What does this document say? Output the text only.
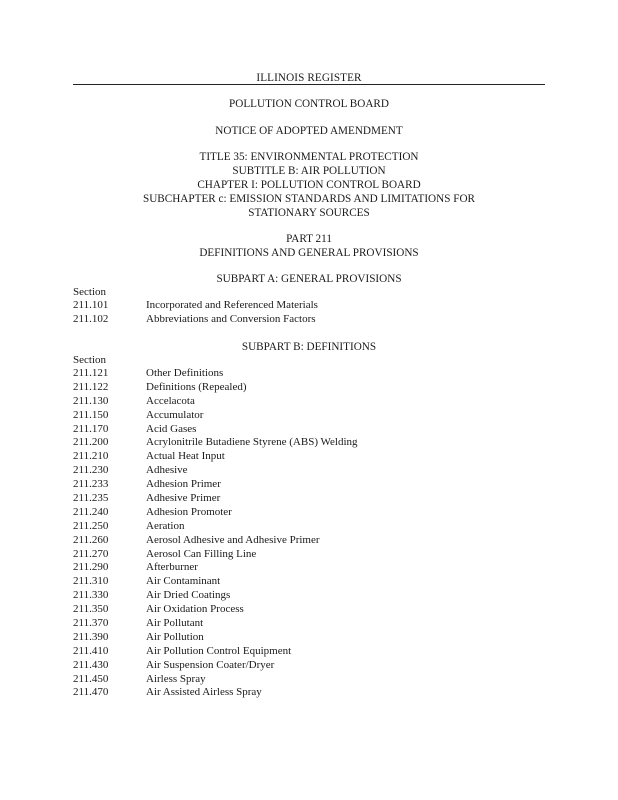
ILLINOIS REGISTER
POLLUTION CONTROL BOARD
NOTICE OF ADOPTED AMENDMENT
TITLE 35: ENVIRONMENTAL PROTECTION
SUBTITLE B: AIR POLLUTION
CHAPTER I: POLLUTION CONTROL BOARD
SUBCHAPTER c: EMISSION STANDARDS AND LIMITATIONS FOR
STATIONARY SOURCES
PART 211
DEFINITIONS AND GENERAL PROVISIONS
SUBPART A: GENERAL PROVISIONS
Section
211.101	Incorporated and Referenced Materials
211.102	Abbreviations and Conversion Factors
SUBPART B: DEFINITIONS
Section
211.121	Other Definitions
211.122	Definitions (Repealed)
211.130	Accelacota
211.150	Accumulator
211.170	Acid Gases
211.200	Acrylonitrile Butadiene Styrene (ABS) Welding
211.210	Actual Heat Input
211.230	Adhesive
211.233	Adhesion Primer
211.235	Adhesive Primer
211.240	Adhesion Promoter
211.250	Aeration
211.260	Aerosol Adhesive and Adhesive Primer
211.270	Aerosol Can Filling Line
211.290	Afterburner
211.310	Air Contaminant
211.330	Air Dried Coatings
211.350	Air Oxidation Process
211.370	Air Pollutant
211.390	Air Pollution
211.410	Air Pollution Control Equipment
211.430	Air Suspension Coater/Dryer
211.450	Airless Spray
211.470	Air Assisted Airless Spray
